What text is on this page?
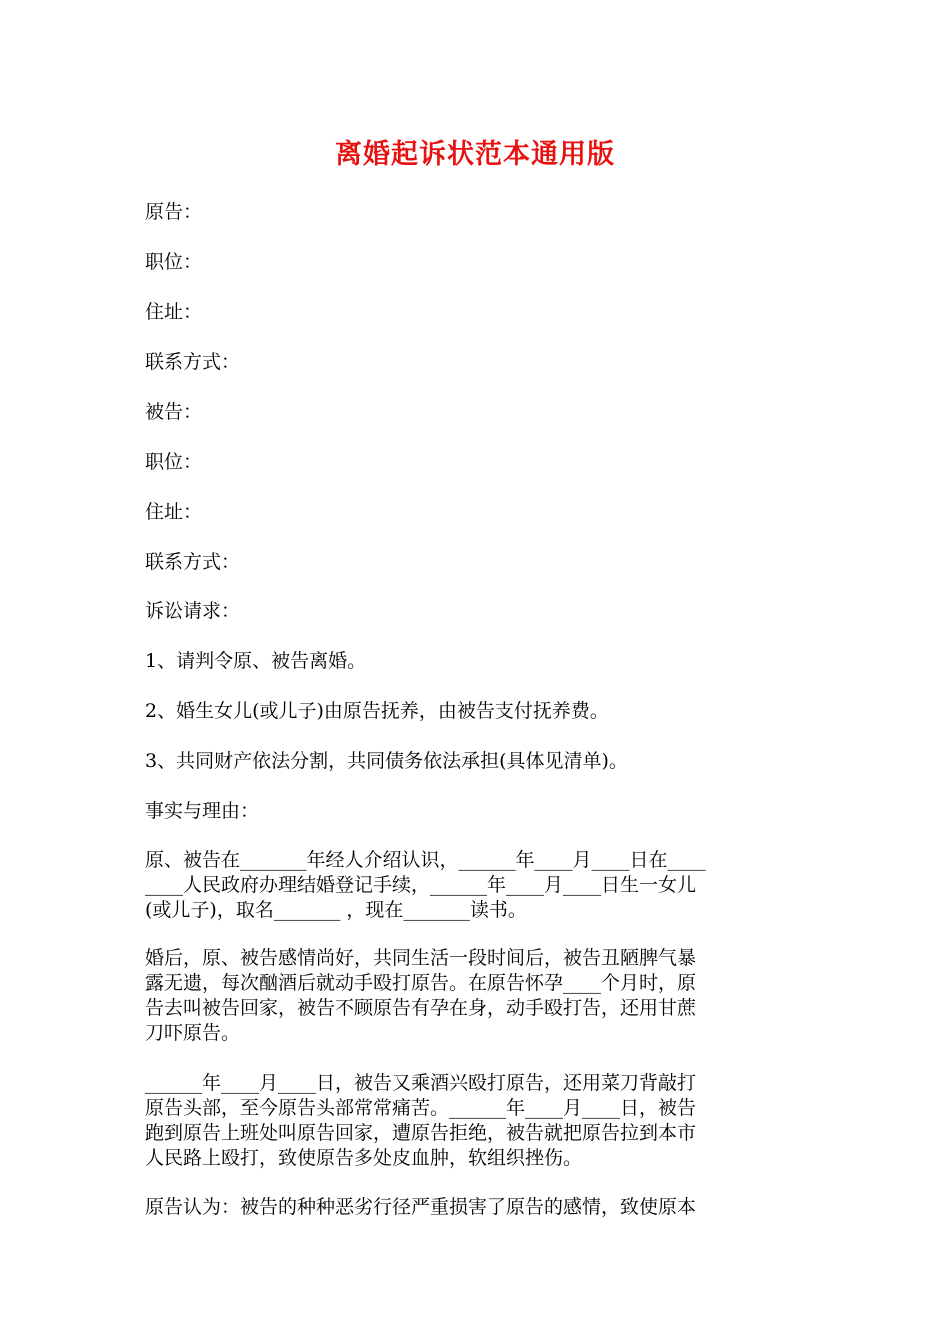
离婚起诉状范本通用版
原告：
职位：
住址：
联系方式：
被告：
职位：
住址：
联系方式：
诉讼请求：
1、请判令原、被告离婚。
2、婚生女儿(或儿子)由原告抚养，由被告支付抚养费。
3、共同财产依法分割，共同债务依法承担(具体见清单)。
事实与理由：
原、被告在_______年经人介绍认识，______年____月____日在____
____人民政府办理结婚登记手续，______年____月____日生一女儿
(或儿子)，取名_______ ，现在_______读书。
婚后，原、被告感情尚好，共同生活一段时间后，被告丑陋脾气暴
露无遗，每次酗酒后就动手殴打原告。在原告怀孕____个月时，原
告去叫被告回家，被告不顾原告有孕在身，动手殴打告，还用甘蔗
刀吓原告。
______年____月____日，被告又乘酒兴殴打原告，还用菜刀背敲打
原告头部，至今原告头部常常痛苦。______年____月____日，被告
跑到原告上班处叫原告回家，遭原告拒绝，被告就把原告拉到本市
人民路上殴打，致使原告多处皮血肿，软组织挫伤。
原告认为：被告的种种恶劣行径严重损害了原告的感情，致使原本
